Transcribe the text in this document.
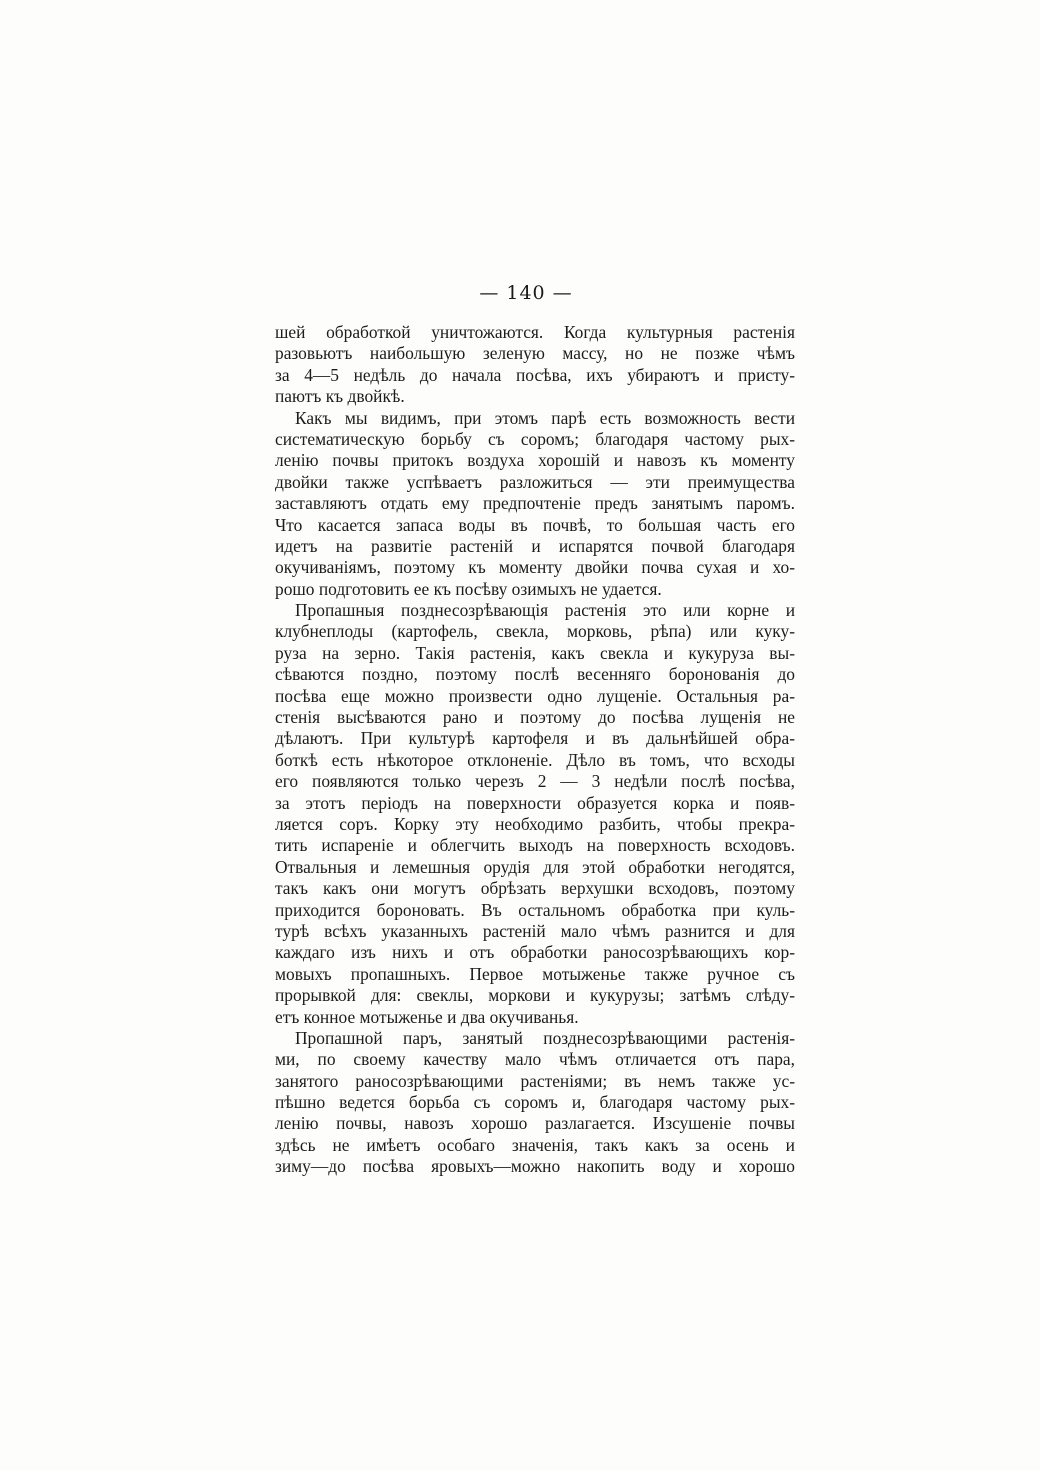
— 140 —
шей обработкой уничтожаются. Когда культурныя растенія
разовьютъ наибольшую зеленую массу, но не позже чѣмъ
за 4—5 недѣль до начала посѣва, ихъ убираютъ и присту-
паютъ къ двойкѣ.
Какъ мы видимъ, при этомъ парѣ есть возможность вести
систематическую борьбу съ соромъ; благодаря частому рых-
ленію почвы притокъ воздуха хорошій и навозъ къ моменту
двойки также успѣваетъ разложиться — эти преимущества
заставляютъ отдать ему предпочтеніе предъ занятымъ паромъ.
Что касается запаса воды въ почвѣ, то большая часть его
идетъ на развитіе растеній и испарятся почвой благодаря
окучиваніямъ, поэтому къ моменту двойки почва сухая и хо-
рошо подготовить ее къ посѣву озимыхъ не удается.
Пропашныя позднесозрѣвающія растенія это или корне и
клубнеплоды (картофель, свекла, морковь, рѣпа) или куку-
руза на зерно. Такія растенія, какъ свекла и кукуруза вы-
сѣваются поздно, поэтому послѣ весенняго боронованія до
посѣва еще можно произвести одно лущеніе. Остальныя ра-
стенія высѣваются рано и поэтому до посѣва лущенія не
дѣлаютъ. При культурѣ картофеля и въ дальнѣйшей обра-
боткѣ есть нѣкоторое отклоненіе. Дѣло въ томъ, что всходы
его появляются только черезъ 2 — 3 недѣли послѣ посѣва,
за этотъ періодъ на поверхности образуется корка и появ-
ляется соръ. Корку эту необходимо разбить, чтобы прекра-
тить испареніе и облегчить выходъ на поверхность всходовъ.
Отвальныя и лемешныя орудія для этой обработки негодятся,
такъ какъ они могутъ обрѣзать верхушки всходовъ, поэтому
приходится бороновать. Въ остальномъ обработка при куль-
турѣ всѣхъ указанныхъ растеній мало чѣмъ разнится и для
каждаго изъ нихъ и отъ обработки раносозрѣвающихъ кор-
мовыхъ пропашныхъ. Первое мотыженье также ручное съ
прорывкой для: свеклы, моркови и кукурузы; затѣмъ слѣду-
етъ конное мотыженье и два окучиванья.
Пропашной паръ, занятый позднесозрѣвающими растенія-
ми, по своему качеству мало чѣмъ отличается отъ пара,
занятого раносозрѣвающими растеніями; въ немъ также ус-
пѣшно ведется борьба съ соромъ и, благодаря частому рых-
ленію почвы, навозъ хорошо разлагается. Изсушеніе почвы
здѣсь не имѣетъ особаго значенія, такъ какъ за осень и
зиму—до посѣва яровыхъ—можно накопить воду и хорошо
